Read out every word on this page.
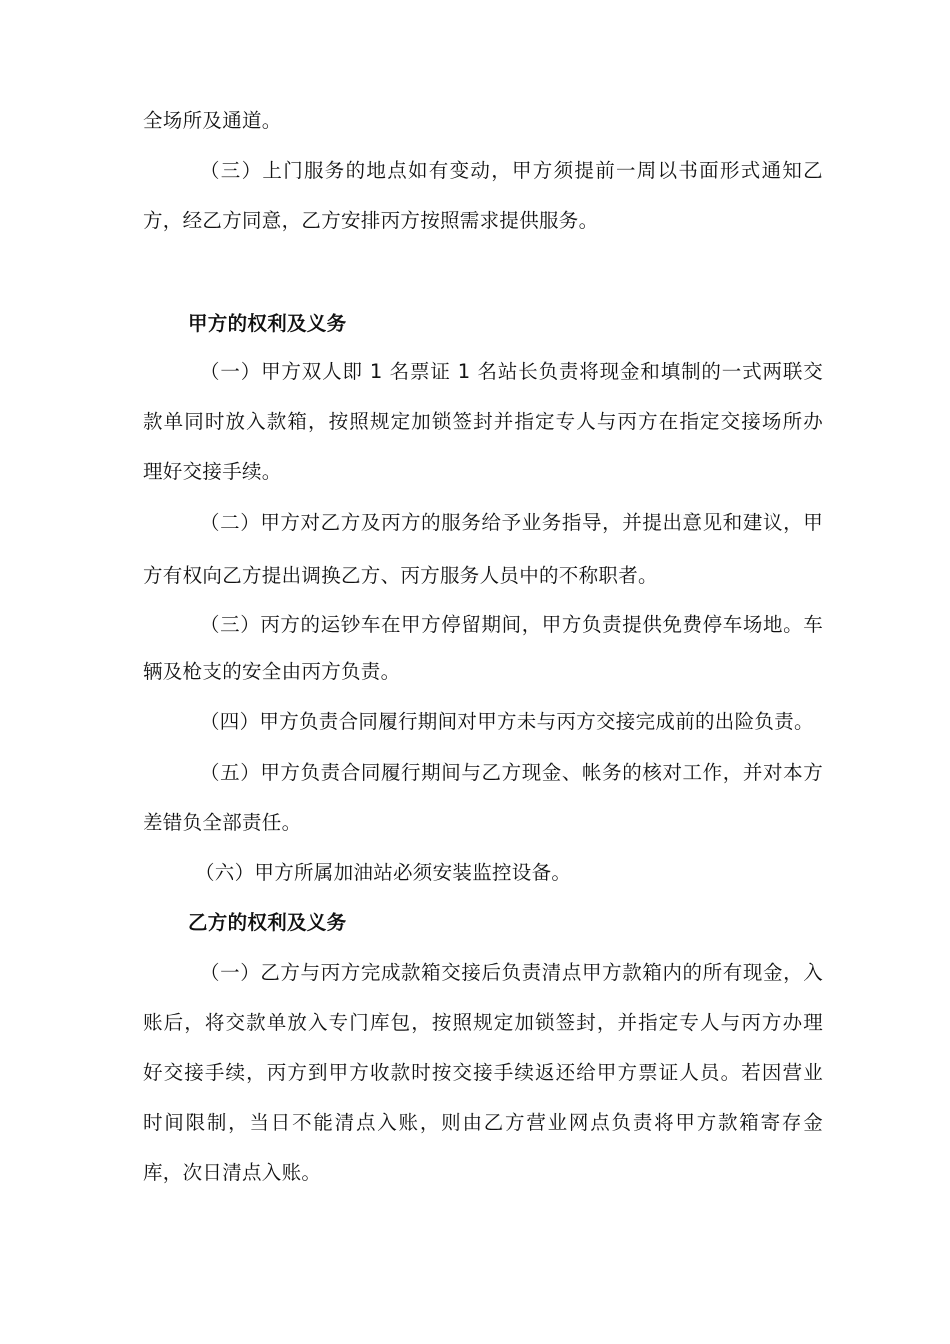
全场所及通道。
（三）上门服务的地点如有变动，甲方须提前一周以书面形式通知乙
方，经乙方同意，乙方安排丙方按照需求提供服务。
甲方的权利及义务
（一）甲方双人即 1 名票证 1 名站长负责将现金和填制的一式两联交
款单同时放入款箱，按照规定加锁签封并指定专人与丙方在指定交接场所办
理好交接手续。
（二）甲方对乙方及丙方的服务给予业务指导，并提出意见和建议，甲
方有权向乙方提出调换乙方、丙方服务人员中的不称职者。
（三）丙方的运钞车在甲方停留期间，甲方负责提供免费停车场地。车
辆及枪支的安全由丙方负责。
（四）甲方负责合同履行期间对甲方未与丙方交接完成前的出险负责。
（五）甲方负责合同履行期间与乙方现金、帐务的核对工作，并对本方
差错负全部责任。
（六）甲方所属加油站必须安装监控设备。
乙方的权利及义务
（一）乙方与丙方完成款箱交接后负责清点甲方款箱内的所有现金，入
账后，将交款单放入专门库包，按照规定加锁签封，并指定专人与丙方办理
好交接手续，丙方到甲方收款时按交接手续返还给甲方票证人员。若因营业
时间限制，当日不能清点入账，则由乙方营业网点负责将甲方款箱寄存金
库，次日清点入账。
